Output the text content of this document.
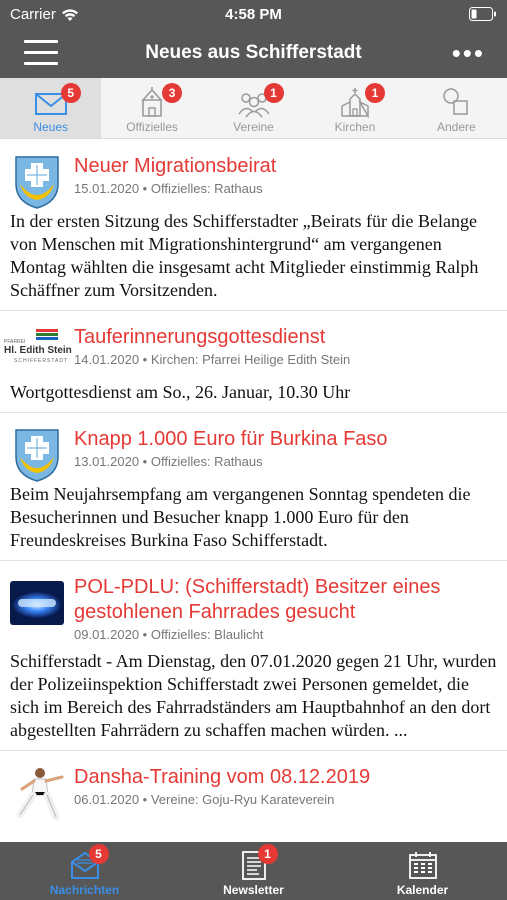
Carrier	4:58 PM
Neues aus Schifferstadt	•••
5
Neues
3
Offizielles
1
Vereine
1
Kirchen	Andere
Neuer Migrationsbeirat
15.01.2020 • Offizielles: Rathaus
In der ersten Sitzung des Schifferstadter „Beirats für die Belange von Menschen mit Migrationshintergrund“ am vergangenen Montag wählten die insgesamt acht Mitglieder einstimmig Ralph Schäffner zum Vorsitzenden.
PFARREI
Hl. Edith Stein
SCHIFFERSTADT
Tauferinnerungsgottesdienst
14.01.2020 • Kirchen: Pfarrei Heilige Edith Stein
Wortgottesdienst am So., 26. Januar, 10.30 Uhr
Knapp 1.000 Euro für Burkina Faso
13.01.2020 • Offizielles: Rathaus
Beim Neujahrsempfang am vergangenen Sonntag spendeten die Besucherinnen und Besucher knapp 1.000 Euro für den Freundeskreises Burkina Faso Schifferstadt.
POL-PDLU: (Schifferstadt) Besitzer eines gestohlenen Fahrrades gesucht
09.01.2020 • Offizielles: Blaulicht
Schifferstadt - Am Dienstag, den 07.01.2020 gegen 21 Uhr, wurden der Polizeiinspektion Schifferstadt zwei Personen gemeldet, die sich im Bereich des Fahrradständers am Hauptbahnhof an den dort abgestellten Fahrrädern zu schaffen machen würden. ...
Dansha-Training vom 08.12.2019
06.01.2020 • Vereine: Goju-Ryu Karateverein
5
Nachrichten
1
Newsletter	Kalender
